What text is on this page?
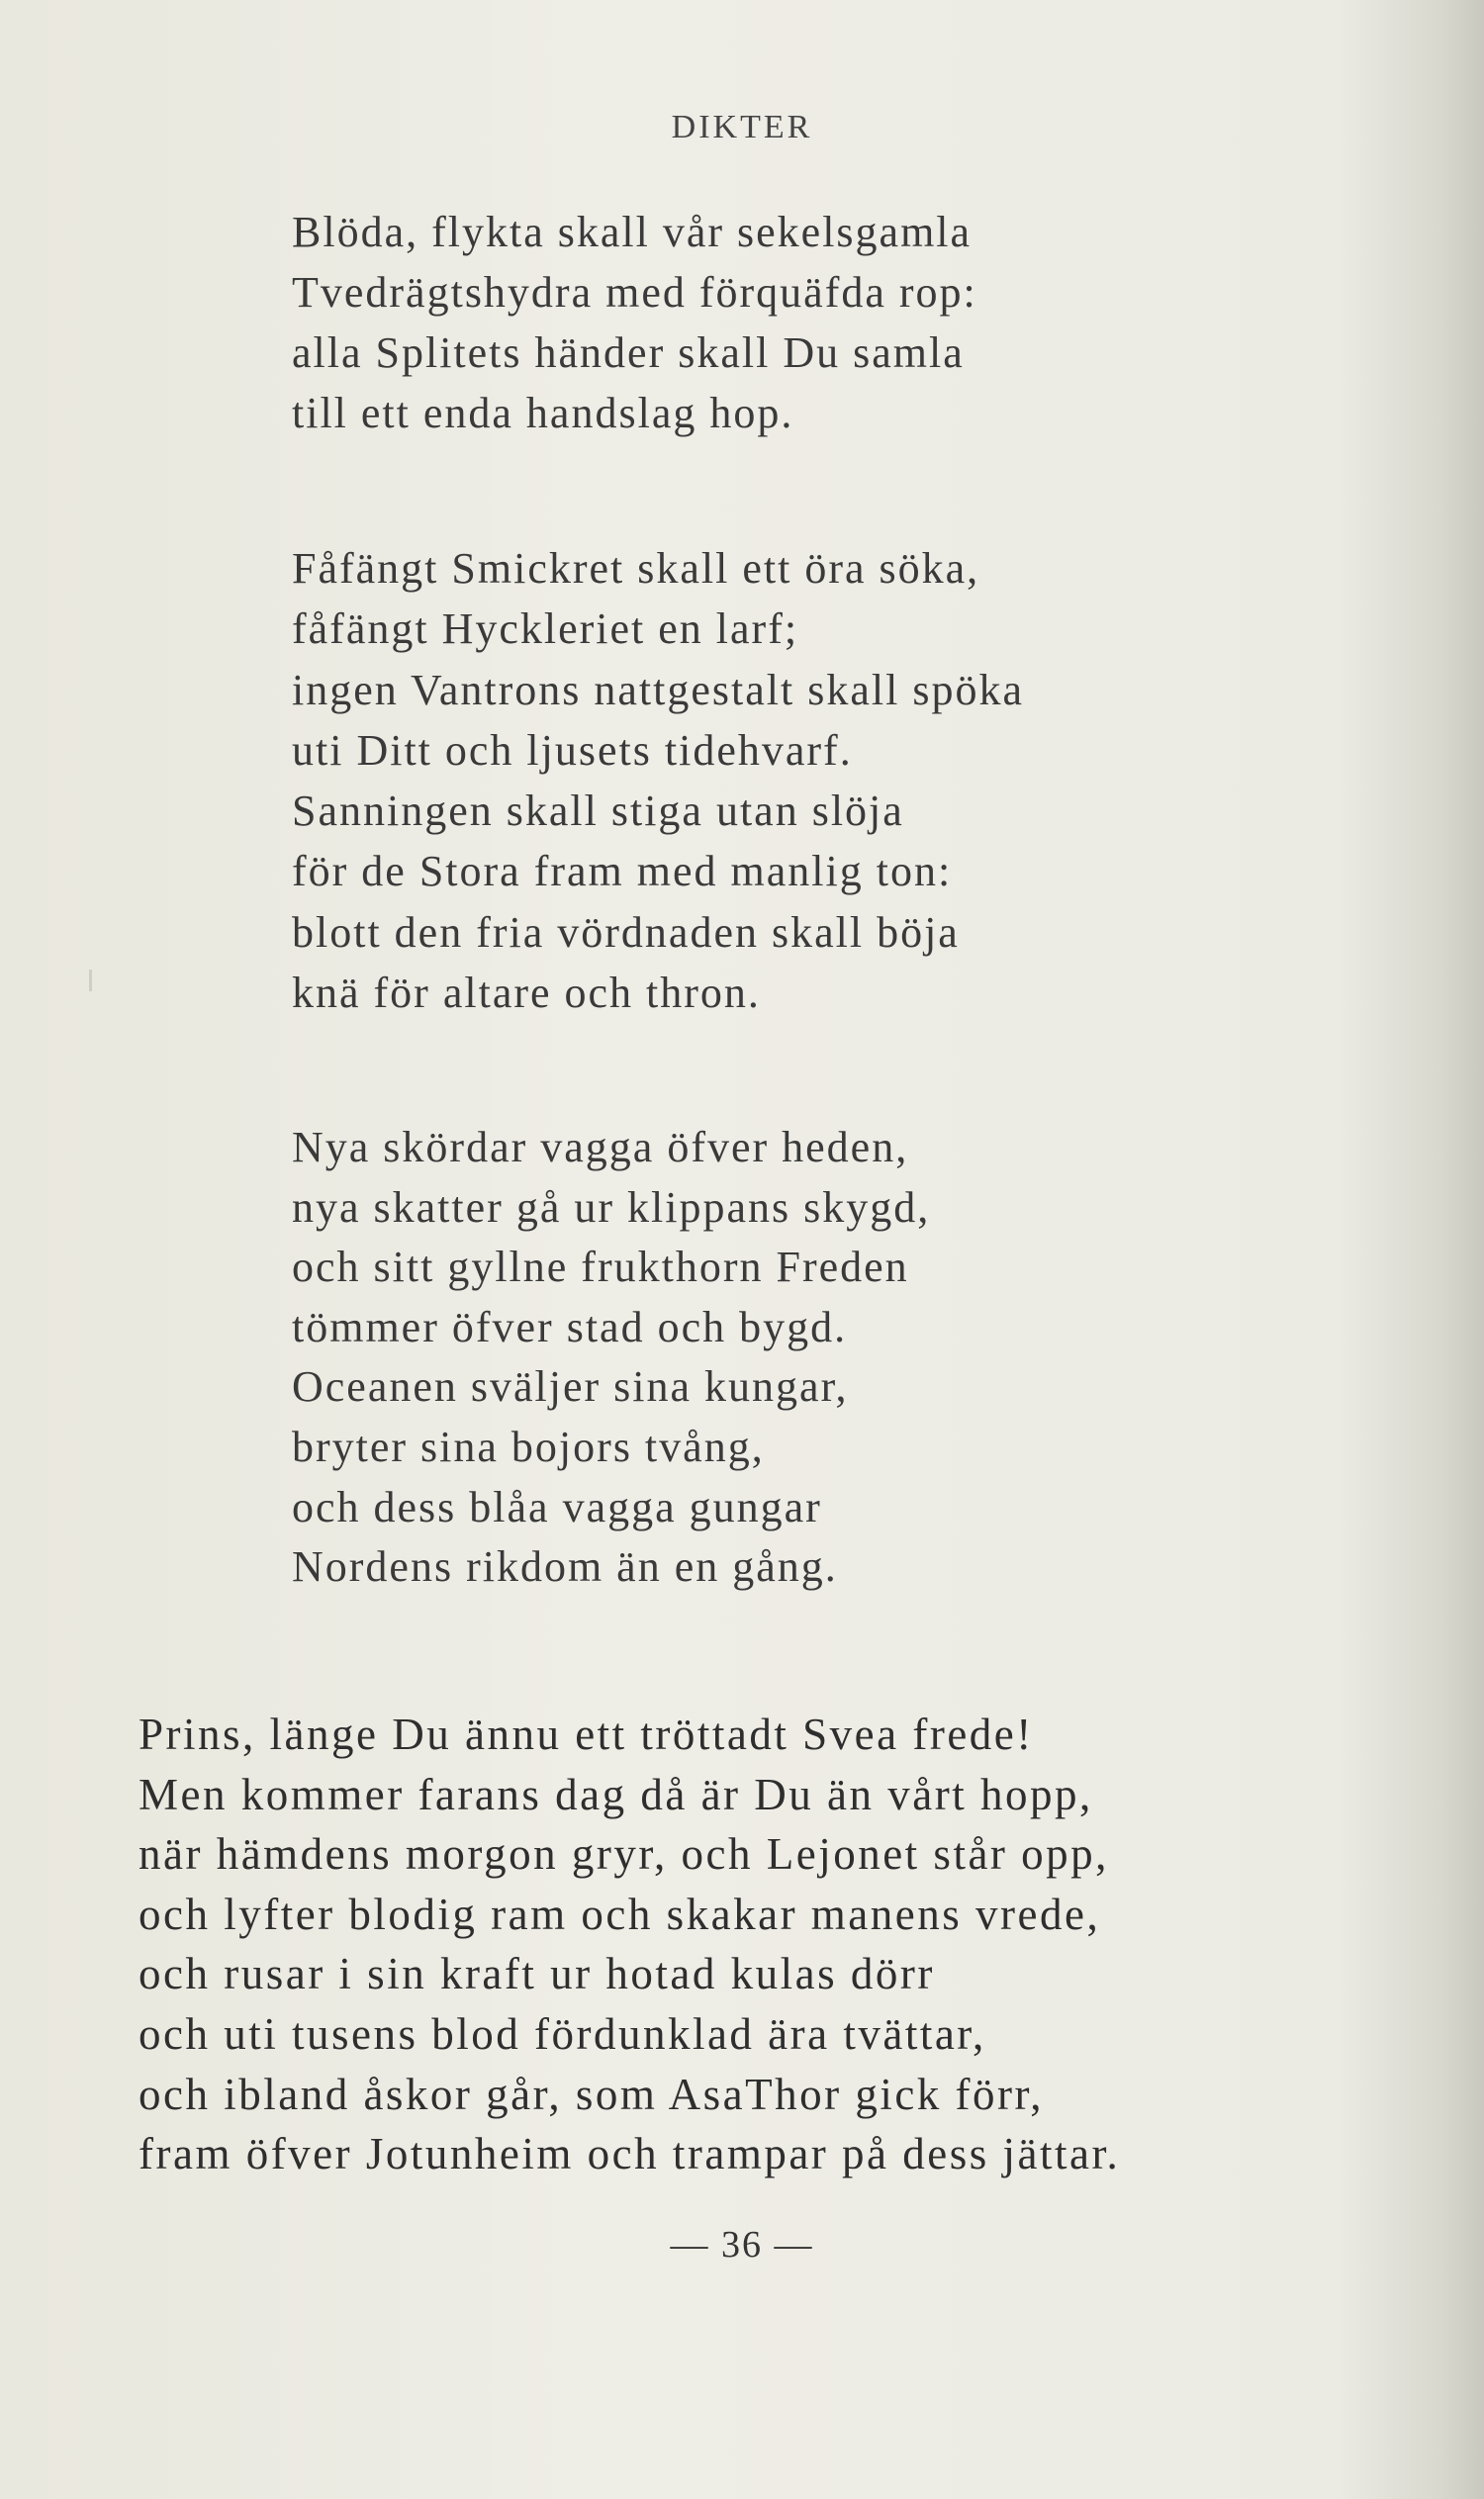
DIKTER
Blöda, flykta skall vår sekelsgamla
Tvedrägtshydra med förquäfda rop:
alla Splitets händer skall Du samla
till ett enda handslag hop.
Fåfängt Smickret skall ett öra söka,
fåfängt Hyckleriet en larf;
ingen Vantrons nattgestalt skall spöka
uti Ditt och ljusets tidehvarf.
Sanningen skall stiga utan slöja
för de Stora fram med manlig ton:
blott den fria vördnaden skall böja
knä för altare och thron.
Nya skördar vagga öfver heden,
nya skatter gå ur klippans skygd,
och sitt gyllne frukthorn Freden
tömmer öfver stad och bygd.
Oceanen sväljer sina kungar,
bryter sina bojors tvång,
och dess blåa vagga gungar
Nordens rikdom än en gång.
Prins, länge Du ännu ett tröttadt Svea frede!
Men kommer farans dag då är Du än vårt hopp,
när hämdens morgon gryr, och Lejonet står opp,
och lyfter blodig ram och skakar manens vrede,
och rusar i sin kraft ur hotad kulas dörr
och uti tusens blod fördunklad ära tvättar,
och ibland åskor går, som AsaThor gick förr,
fram öfver Jotunheim och trampar på dess jättar.
— 36 —
